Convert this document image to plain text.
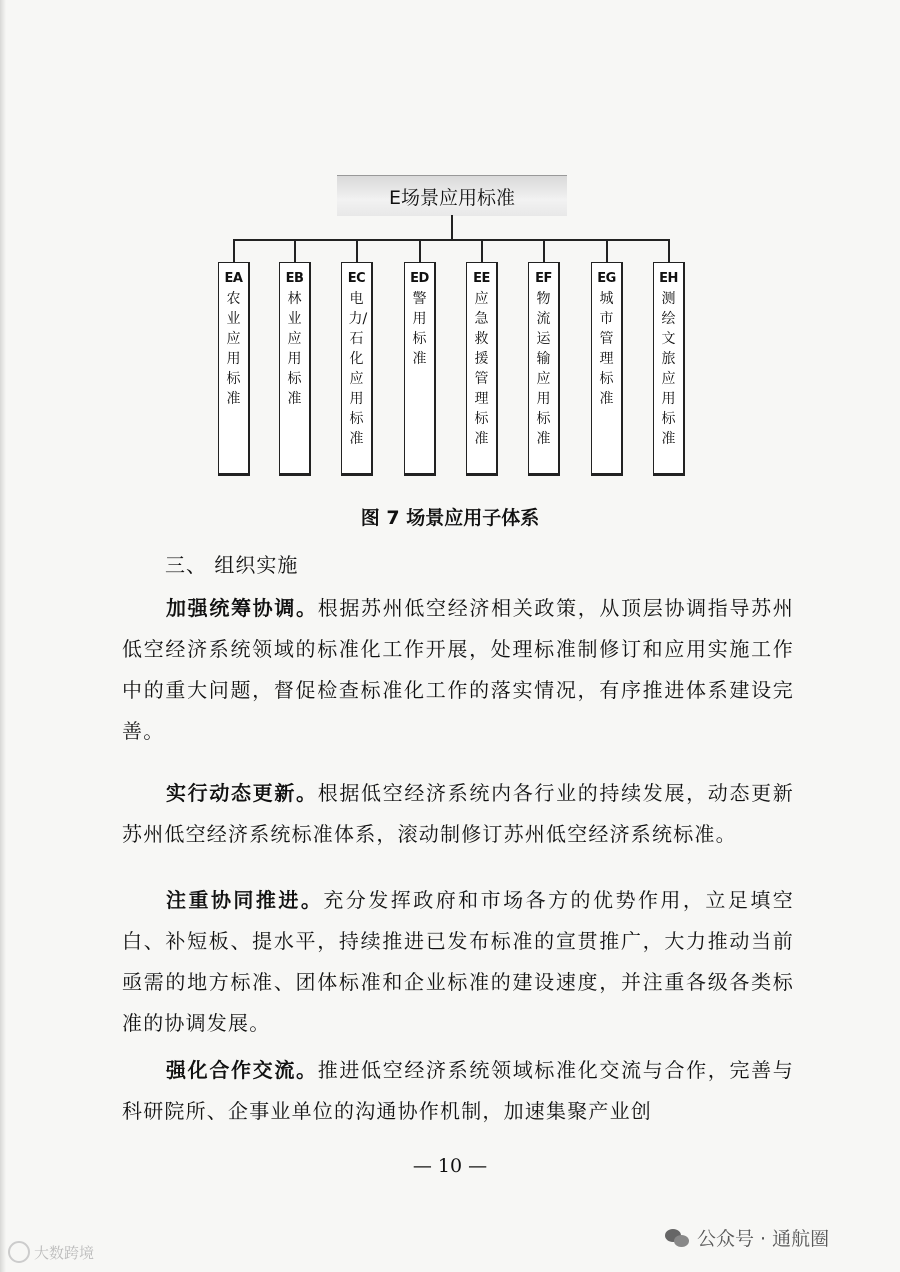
E场景应用标准
EA
农业应用标准
EB
林业应用标准
EC
电力/石化应用标准
ED
警用标准
EE
应急救援管理标准
EF
物流运输应用标准
EG
城市管理标准
EH
测绘文旅应用标准
图 7 场景应用子体系
三、 组织实施
加强统筹协调。根据苏州低空经济相关政策，从顶层协调指导苏州低空经济系统领域的标准化工作开展，处理标准制修订和应用实施工作中的重大问题，督促检查标准化工作的落实情况，有序推进体系建设完善。
实行动态更新。根据低空经济系统内各行业的持续发展，动态更新苏州低空经济系统标准体系，滚动制修订苏州低空经济系统标准。
注重协同推进。充分发挥政府和市场各方的优势作用，立足填空白、补短板、提水平，持续推进已发布标准的宣贯推广，大力推动当前亟需的地方标准、团体标准和企业标准的建设速度，并注重各级各类标准的协调发展。
强化合作交流。推进低空经济系统领域标准化交流与合作，完善与科研院所、企事业单位的沟通协作机制，加速集聚产业创
— 10 —
大数跨境
公众号 · 通航圈
